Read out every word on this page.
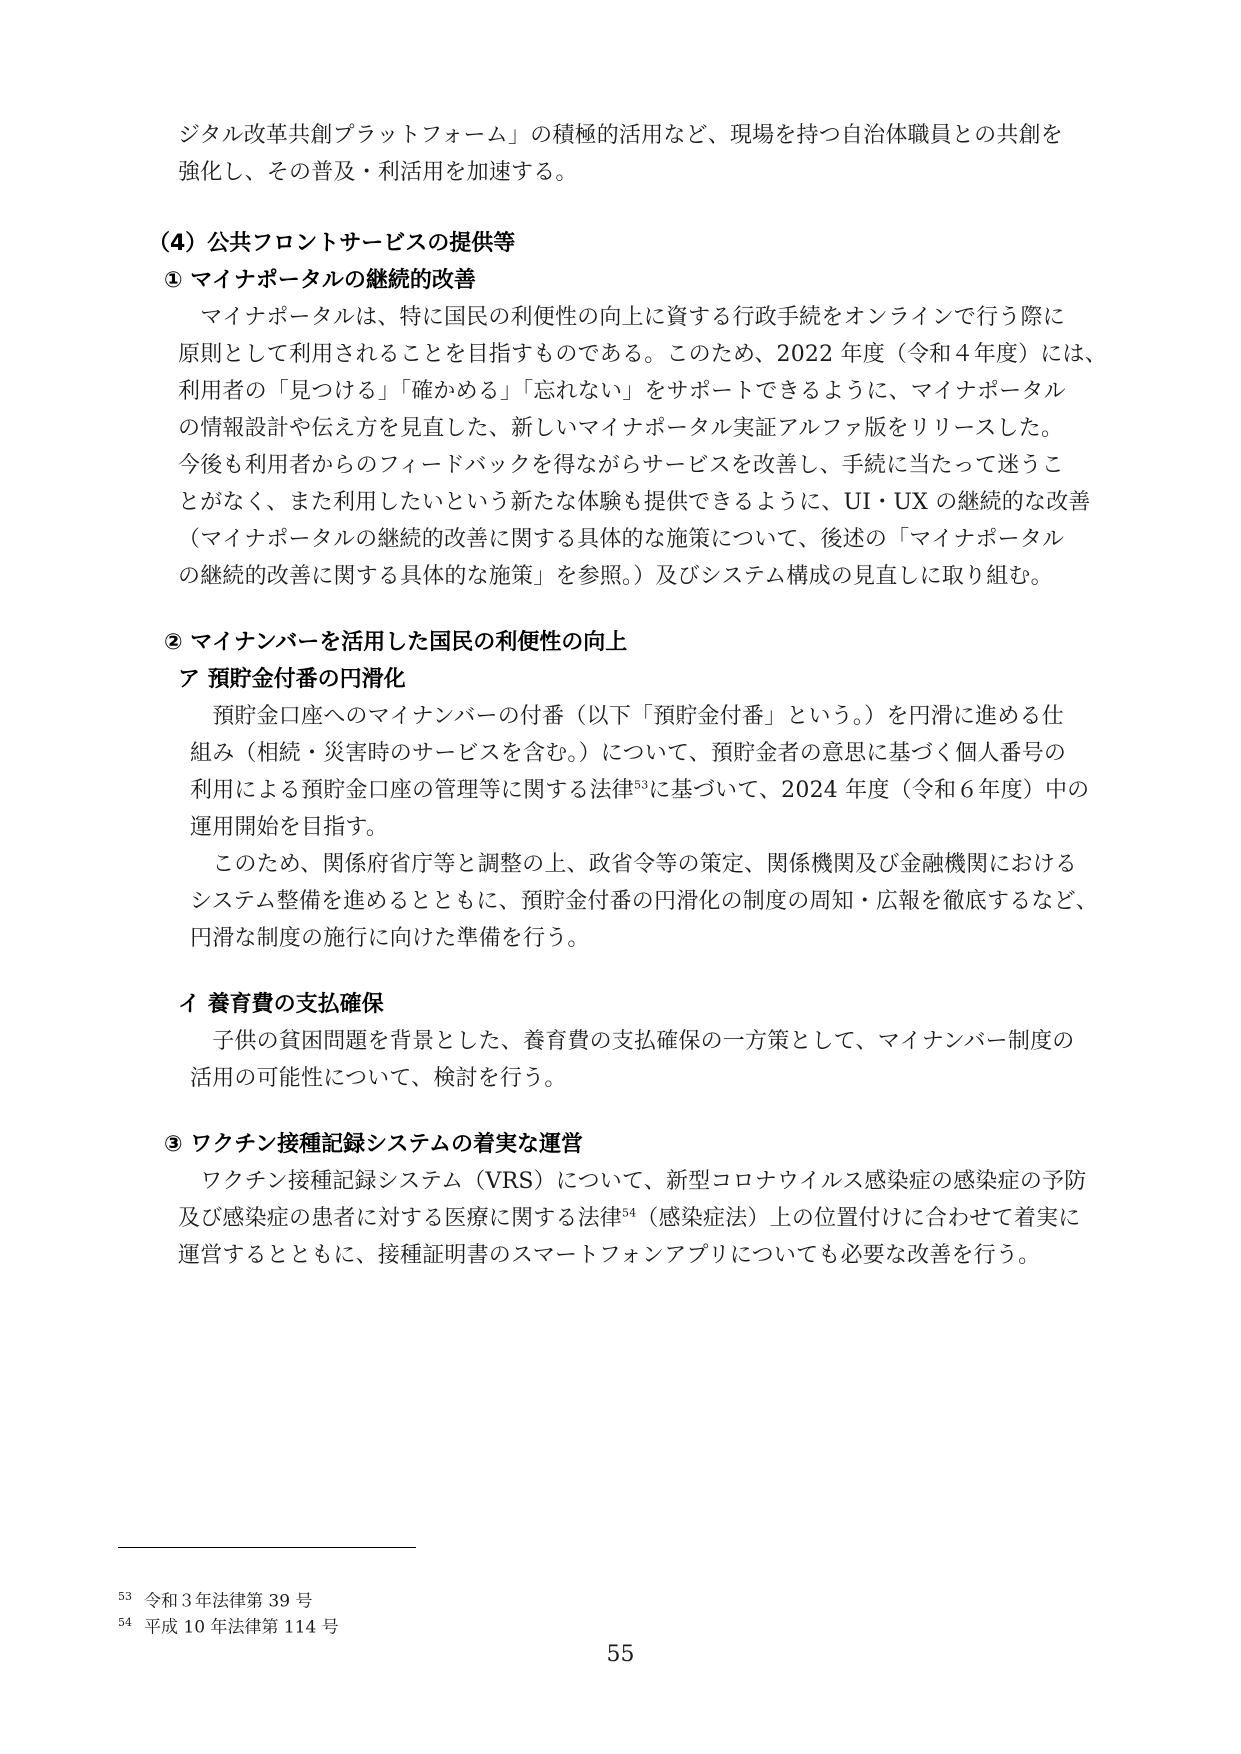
ジタル改革共創プラットフォーム」の積極的活用など、現場を持つ自治体職員との共創を
強化し、その普及・利活用を加速する。
（4）公共フロントサービスの提供等
① マイナポータルの継続的改善
　マイナポータルは、特に国民の利便性の向上に資する行政手続をオンラインで行う際に
原則として利用されることを目指すものである。このため、2022 年度（令和４年度）には、
利用者の「見つける」「確かめる」「忘れない」をサポートできるように、マイナポータル
の情報設計や伝え方を見直した、新しいマイナポータル実証アルファ版をリリースした。
今後も利用者からのフィードバックを得ながらサービスを改善し、手続に当たって迷うこ
とがなく、また利用したいという新たな体験も提供できるように、UI・UX の継続的な改善
（マイナポータルの継続的改善に関する具体的な施策について、後述の「マイナポータル
の継続的改善に関する具体的な施策」を参照。）及びシステム構成の見直しに取り組む。
② マイナンバーを活用した国民の利便性の向上
ア 預貯金付番の円滑化
　預貯金口座へのマイナンバーの付番（以下「預貯金付番」という。）を円滑に進める仕
組み（相続・災害時のサービスを含む。）について、預貯金者の意思に基づく個人番号の
利用による預貯金口座の管理等に関する法律$^{53}$に基づいて、2024 年度（令和６年度）中の
運用開始を目指す。
　このため、関係府省庁等と調整の上、政省令等の策定、関係機関及び金融機関における
システム整備を進めるとともに、預貯金付番の円滑化の制度の周知・広報を徹底するなど、
円滑な制度の施行に向けた準備を行う。
イ 養育費の支払確保
　子供の貧困問題を背景とした、養育費の支払確保の一方策として、マイナンバー制度の
活用の可能性について、検討を行う。
③ ワクチン接種記録システムの着実な運営
　ワクチン接種記録システム（VRS）について、新型コロナウイルス感染症の感染症の予防
及び感染症の患者に対する医療に関する法律$^{54}$（感染症法）上の位置付けに合わせて着実に
運営するとともに、接種証明書のスマートフォンアプリについても必要な改善を行う。
$^{53}$ 令和３年法律第 39 号
$^{54}$ 平成 10 年法律第 114 号
55
